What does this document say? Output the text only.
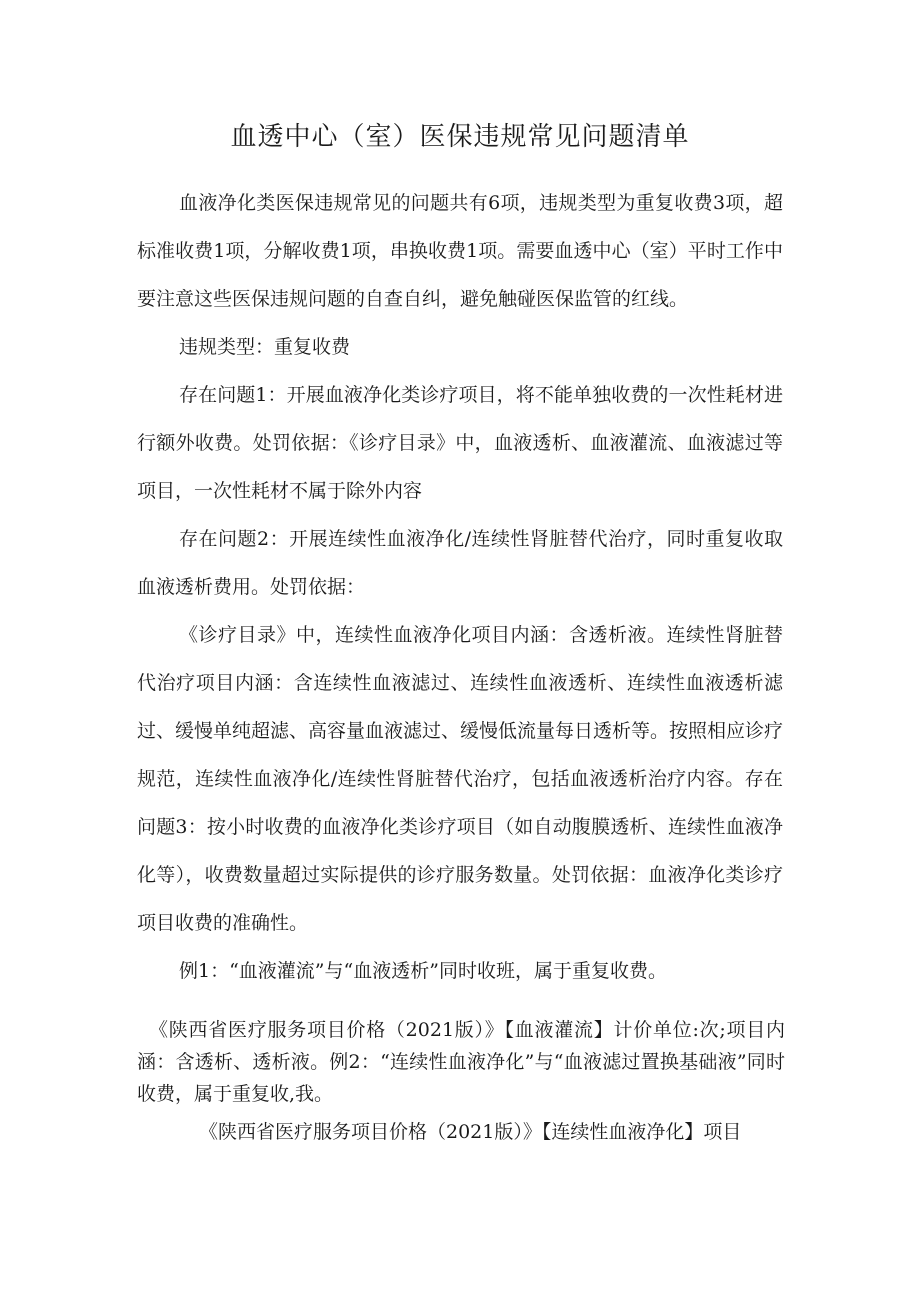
血透中心（室）医保违规常见问题清单

血液净化类医保违规常见的问题共有6项，违规类型为重复收费3项，超标准收费1项，分解收费1项，串换收费1项。需要血透中心（室）平时工作中要注意这些医保违规问题的自查自纠，避免触碰医保监管的红线。

违规类型：重复收费

存在问题1：开展血液净化类诊疗项目，将不能单独收费的一次性耗材进行额外收费。处罚依据：《诊疗目录》中，血液透析、血液灌流、血液滤过等项目，一次性耗材不属于除外内容

存在问题2：开展连续性血液净化/连续性肾脏替代治疗，同时重复收取血液透析费用。处罚依据：

《诊疗目录》中，连续性血液净化项目内涵：含透析液。连续性肾脏替代治疗项目内涵：含连续性血液滤过、连续性血液透析、连续性血液透析滤过、缓慢单纯超滤、高容量血液滤过、缓慢低流量每日透析等。按照相应诊疗规范，连续性血液净化/连续性肾脏替代治疗，包括血液透析治疗内容。存在问题3：按小时收费的血液净化类诊疗项目（如自动腹膜透析、连续性血液净化等），收费数量超过实际提供的诊疗服务数量。处罚依据：血液净化类诊疗项目收费的准确性。

例1：“血液灌流”与“血液透析”同时收班，属于重复收费。

《陕西省医疗服务项目价格（2021版）》【血液灌流】计价单位:次;项目内涵：含透析、透析液。例2：“连续性血液净化”与“血液滤过置换基础液”同时收费，属于重复收,我。

《陕西省医疗服务项目价格（2021版）》【连续性血液净化】项目
